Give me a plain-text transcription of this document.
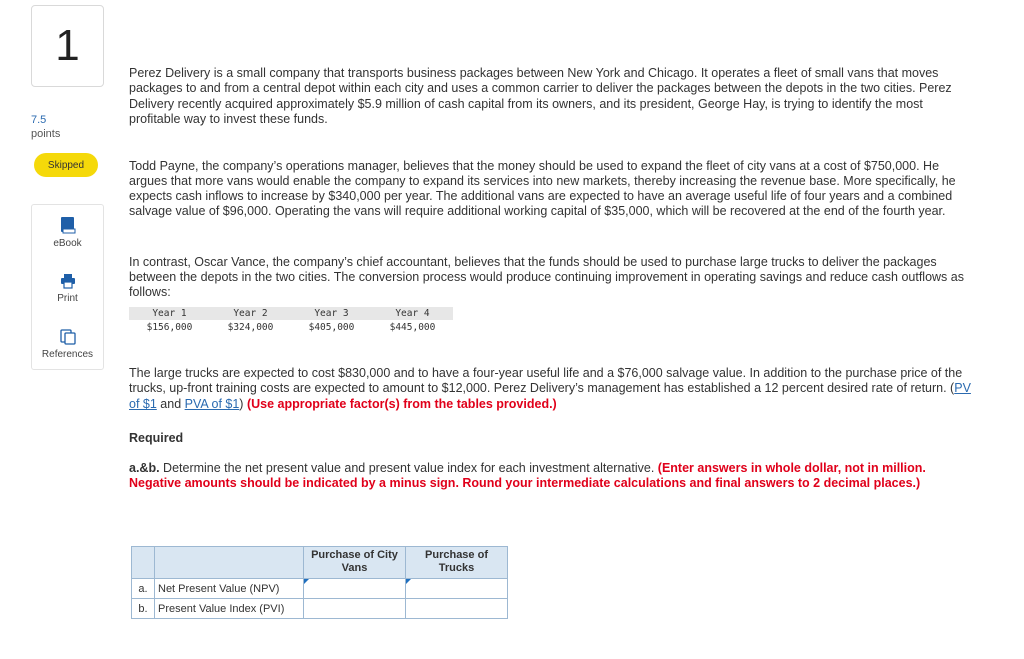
1
7.5
points
Skipped
eBook
Print
References

Perez Delivery is a small company that transports business packages between New York and Chicago. It operates a fleet of small vans that moves packages to and from a central depot within each city and uses a common carrier to deliver the packages between the depots in the two cities. Perez Delivery recently acquired approximately $5.9 million of cash capital from its owners, and its president, George Hay, is trying to identify the most profitable way to invest these funds.

Todd Payne, the company’s operations manager, believes that the money should be used to expand the fleet of city vans at a cost of $750,000. He argues that more vans would enable the company to expand its services into new markets, thereby increasing the revenue base. More specifically, he expects cash inflows to increase by $340,000 per year. The additional vans are expected to have an average useful life of four years and a combined salvage value of $96,000. Operating the vans will require additional working capital of $35,000, which will be recovered at the end of the fourth year.

In contrast, Oscar Vance, the company’s chief accountant, believes that the funds should be used to purchase large trucks to deliver the packages between the depots in the two cities. The conversion process would produce continuing improvement in operating savings and reduce cash outflows as follows:

Year 1	Year 2	Year 3	Year 4
$156,000	$324,000	$405,000	$445,000
The large trucks are expected to cost $830,000 and to have a four-year useful life and a $76,000 salvage value. In addition to the purchase price of the trucks, up-front training costs are expected to amount to $12,000. Perez Delivery’s management has established a 12 percent desired rate of return. (PV of $1 and PVA of $1) (Use appropriate factor(s) from the tables provided.)
Required
a.&b. Determine the net present value and present value index for each investment alternative. (Enter answers in whole dollar, not in million. Negative amounts should be indicated by a minus sign. Round your intermediate calculations and final answers to 2 decimal places.)
		Purchase of City Vans	Purchase of Trucks
a.	Net Present Value (NPV)	

b.	Present Value Index (PVI)		
